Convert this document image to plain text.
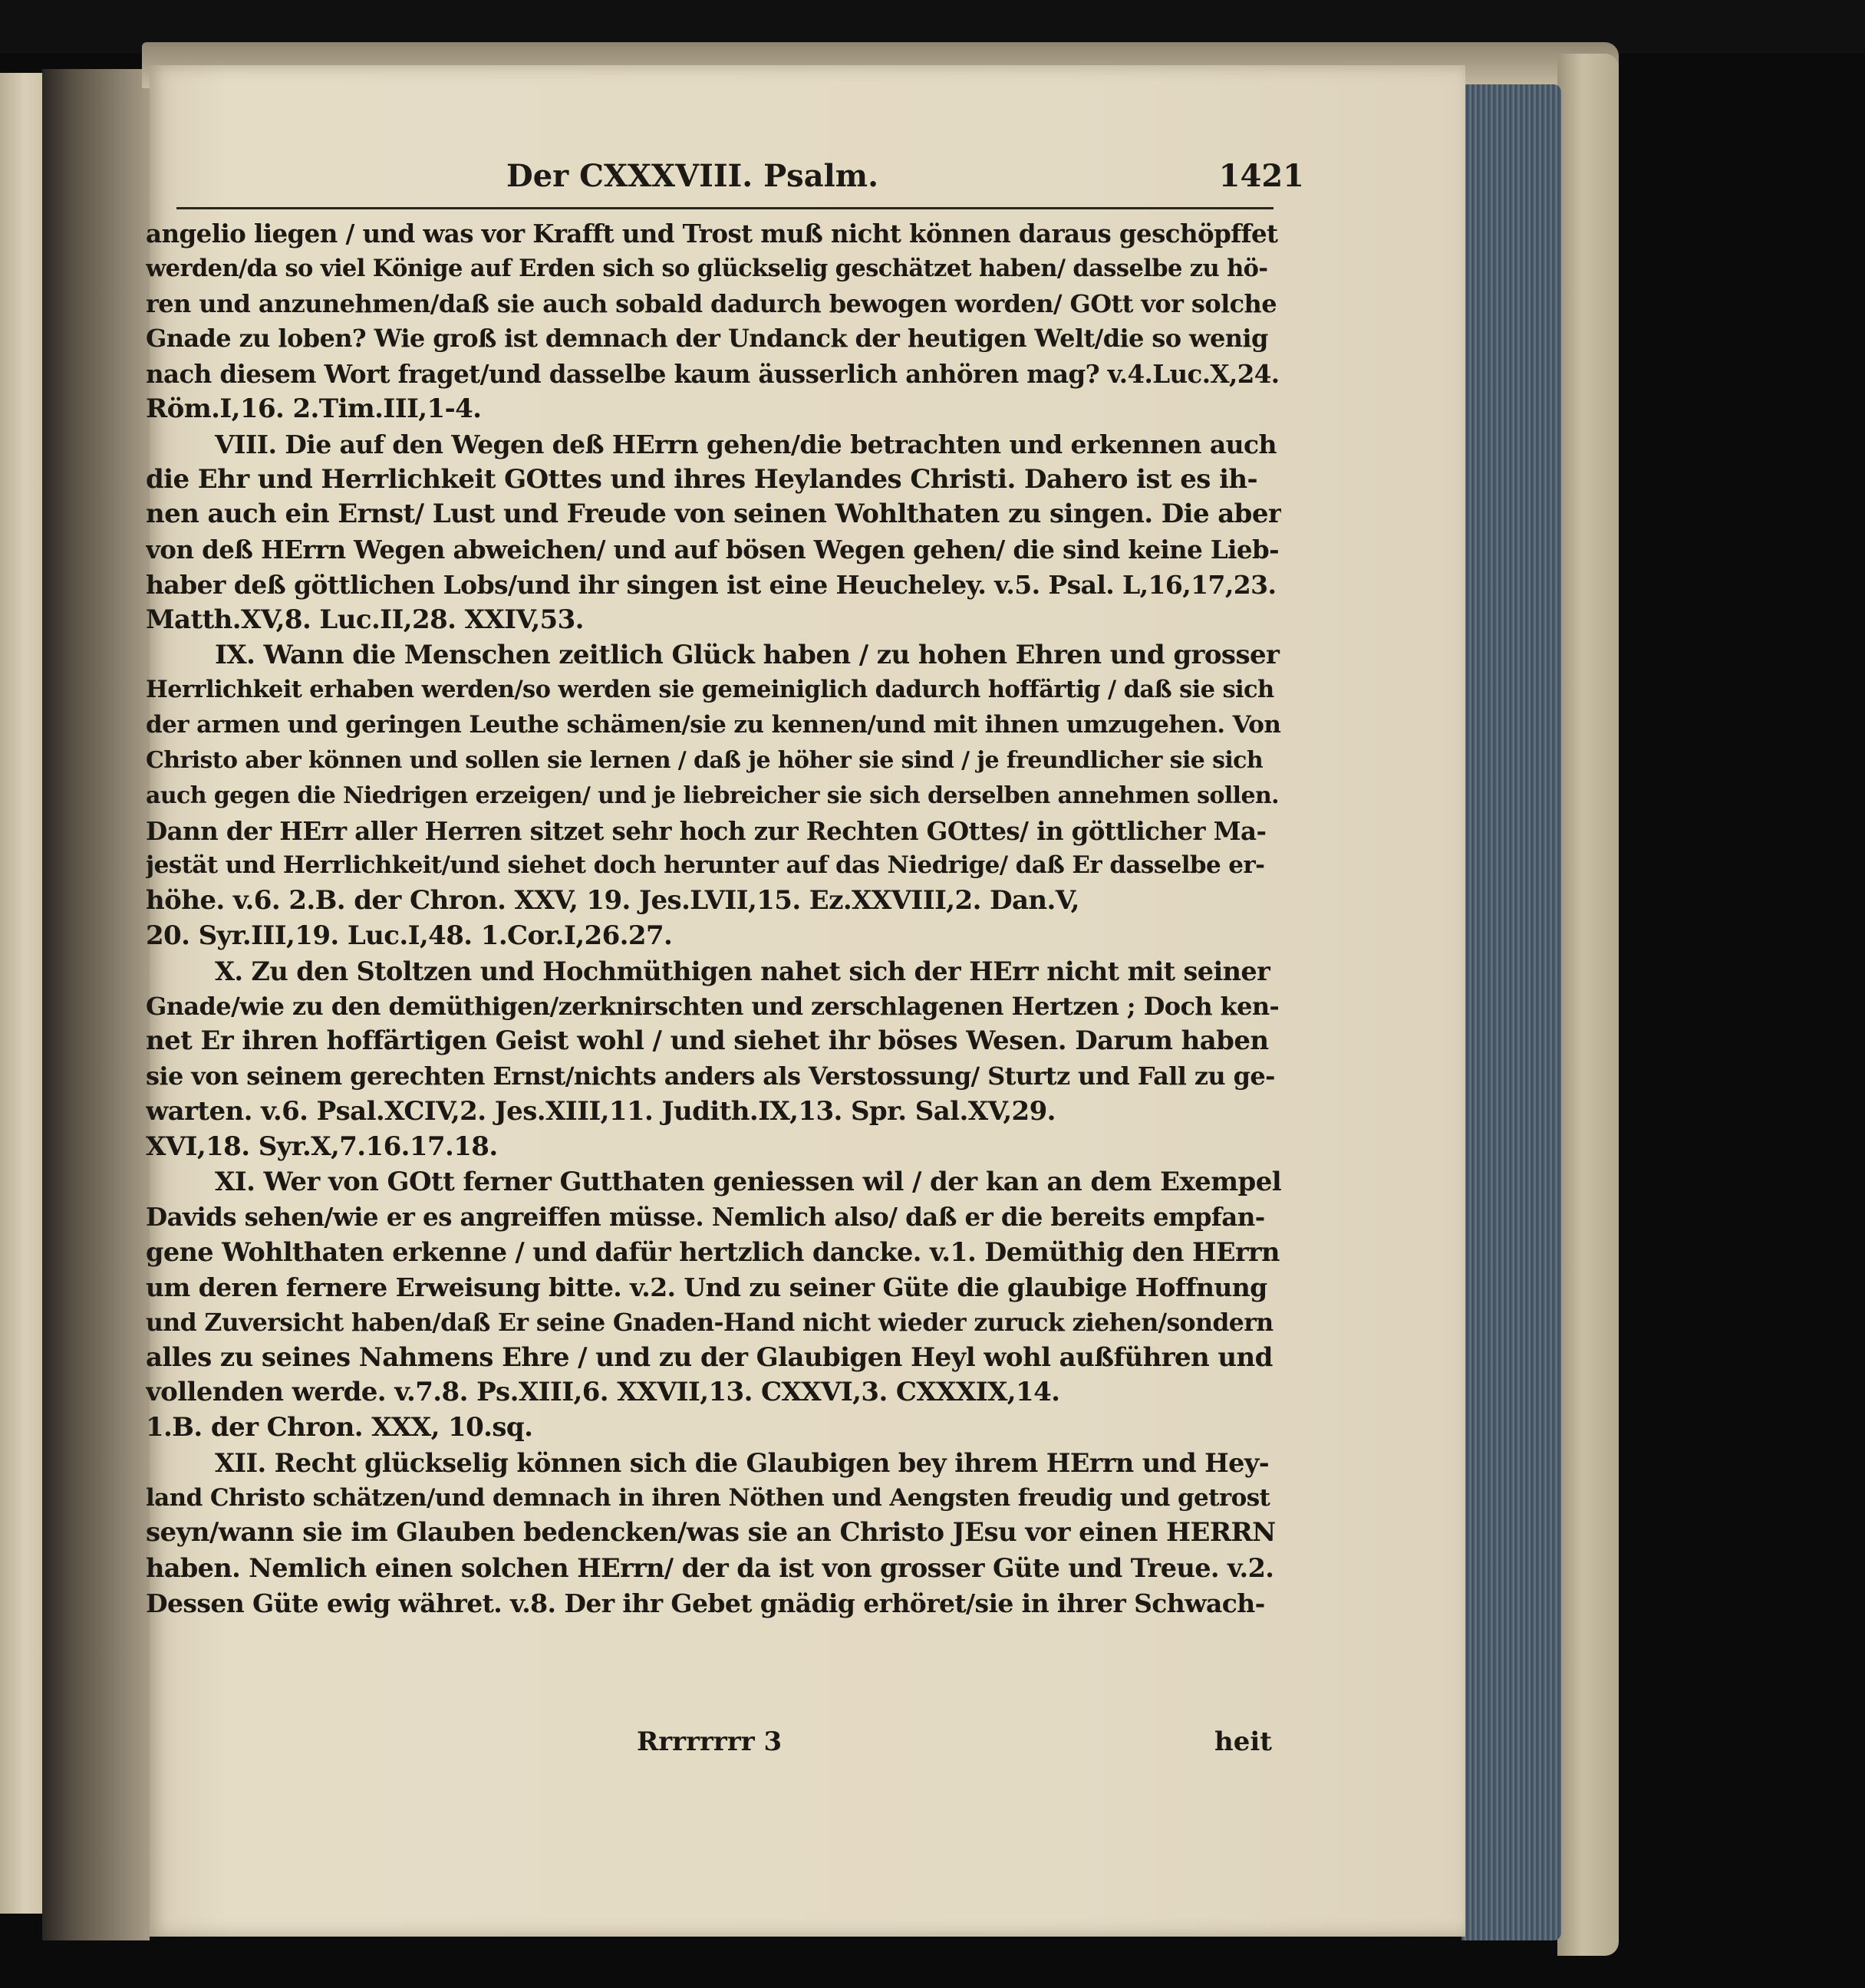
Der CXXXVIII. Psalm.	1421
angelio liegen / und was vor Krafft und Trost muß nicht können daraus geschöpffet
werden/da so viel Könige auf Erden sich so glückselig geschätzet haben/ dasselbe zu hö-
ren und anzunehmen/daß sie auch sobald dadurch bewogen worden/ GOtt vor solche
Gnade zu loben? Wie groß ist demnach der Undanck der heutigen Welt/die so wenig
nach diesem Wort fraget/und dasselbe kaum äusserlich anhören mag? v.4.Luc.X,24.
Röm.I,16. 2.Tim.III,1-4.
VIII. Die auf den Wegen deß HErrn gehen/die betrachten und erkennen auch
die Ehr und Herrlichkeit GOttes und ihres Heylandes Christi. Dahero ist es ih-
nen auch ein Ernst/ Lust und Freude von seinen Wohlthaten zu singen. Die aber
von deß HErrn Wegen abweichen/ und auf bösen Wegen gehen/ die sind keine Lieb-
haber deß göttlichen Lobs/und ihr singen ist eine Heucheley. v.5. Psal. L,16,17,23.
Matth.XV,8. Luc.II,28. XXIV,53.
IX. Wann die Menschen zeitlich Glück haben / zu hohen Ehren und grosser
Herrlichkeit erhaben werden/so werden sie gemeiniglich dadurch hoffärtig / daß sie sich
der armen und geringen Leuthe schämen/sie zu kennen/und mit ihnen umzugehen. Von
Christo aber können und sollen sie lernen / daß je höher sie sind / je freundlicher sie sich
auch gegen die Niedrigen erzeigen/ und je liebreicher sie sich derselben annehmen sollen.
Dann der HErr aller Herren sitzet sehr hoch zur Rechten GOttes/ in göttlicher Ma-
jestät und Herrlichkeit/und siehet doch herunter auf das Niedrige/ daß Er dasselbe er-
höhe. v.6. 2.B. der Chron. XXV, 19. Jes.LVII,15. Ez.XXVIII,2. Dan.V,
20. Syr.III,19. Luc.I,48. 1.Cor.I,26.27.
X. Zu den Stoltzen und Hochmüthigen nahet sich der HErr nicht mit seiner
Gnade/wie zu den demüthigen/zerknirschten und zerschlagenen Hertzen ; Doch ken-
net Er ihren hoffärtigen Geist wohl / und siehet ihr böses Wesen. Darum haben
sie von seinem gerechten Ernst/nichts anders als Verstossung/ Sturtz und Fall zu ge-
warten. v.6. Psal.XCIV,2. Jes.XIII,11. Judith.IX,13. Spr. Sal.XV,29.
XVI,18. Syr.X,7.16.17.18.
XI. Wer von GOtt ferner Gutthaten geniessen wil / der kan an dem Exempel
Davids sehen/wie er es angreiffen müsse. Nemlich also/ daß er die bereits empfan-
gene Wohlthaten erkenne / und dafür hertzlich dancke. v.1. Demüthig den HErrn
um deren fernere Erweisung bitte. v.2. Und zu seiner Güte die glaubige Hoffnung
und Zuversicht haben/daß Er seine Gnaden-Hand nicht wieder zuruck ziehen/sondern
alles zu seines Nahmens Ehre / und zu der Glaubigen Heyl wohl außführen und
vollenden werde. v.7.8. Ps.XIII,6. XXVII,13. CXXVI,3. CXXXIX,14.
1.B. der Chron. XXX, 10.sq.
XII. Recht glückselig können sich die Glaubigen bey ihrem HErrn und Hey-
land Christo schätzen/und demnach in ihren Nöthen und Aengsten freudig und getrost
seyn/wann sie im Glauben bedencken/was sie an Christo JEsu vor einen HERRN
haben. Nemlich einen solchen HErrn/ der da ist von grosser Güte und Treue. v.2.
Dessen Güte ewig währet. v.8. Der ihr Gebet gnädig erhöret/sie in ihrer Schwach-
Rrrrrrrr 3	heit
